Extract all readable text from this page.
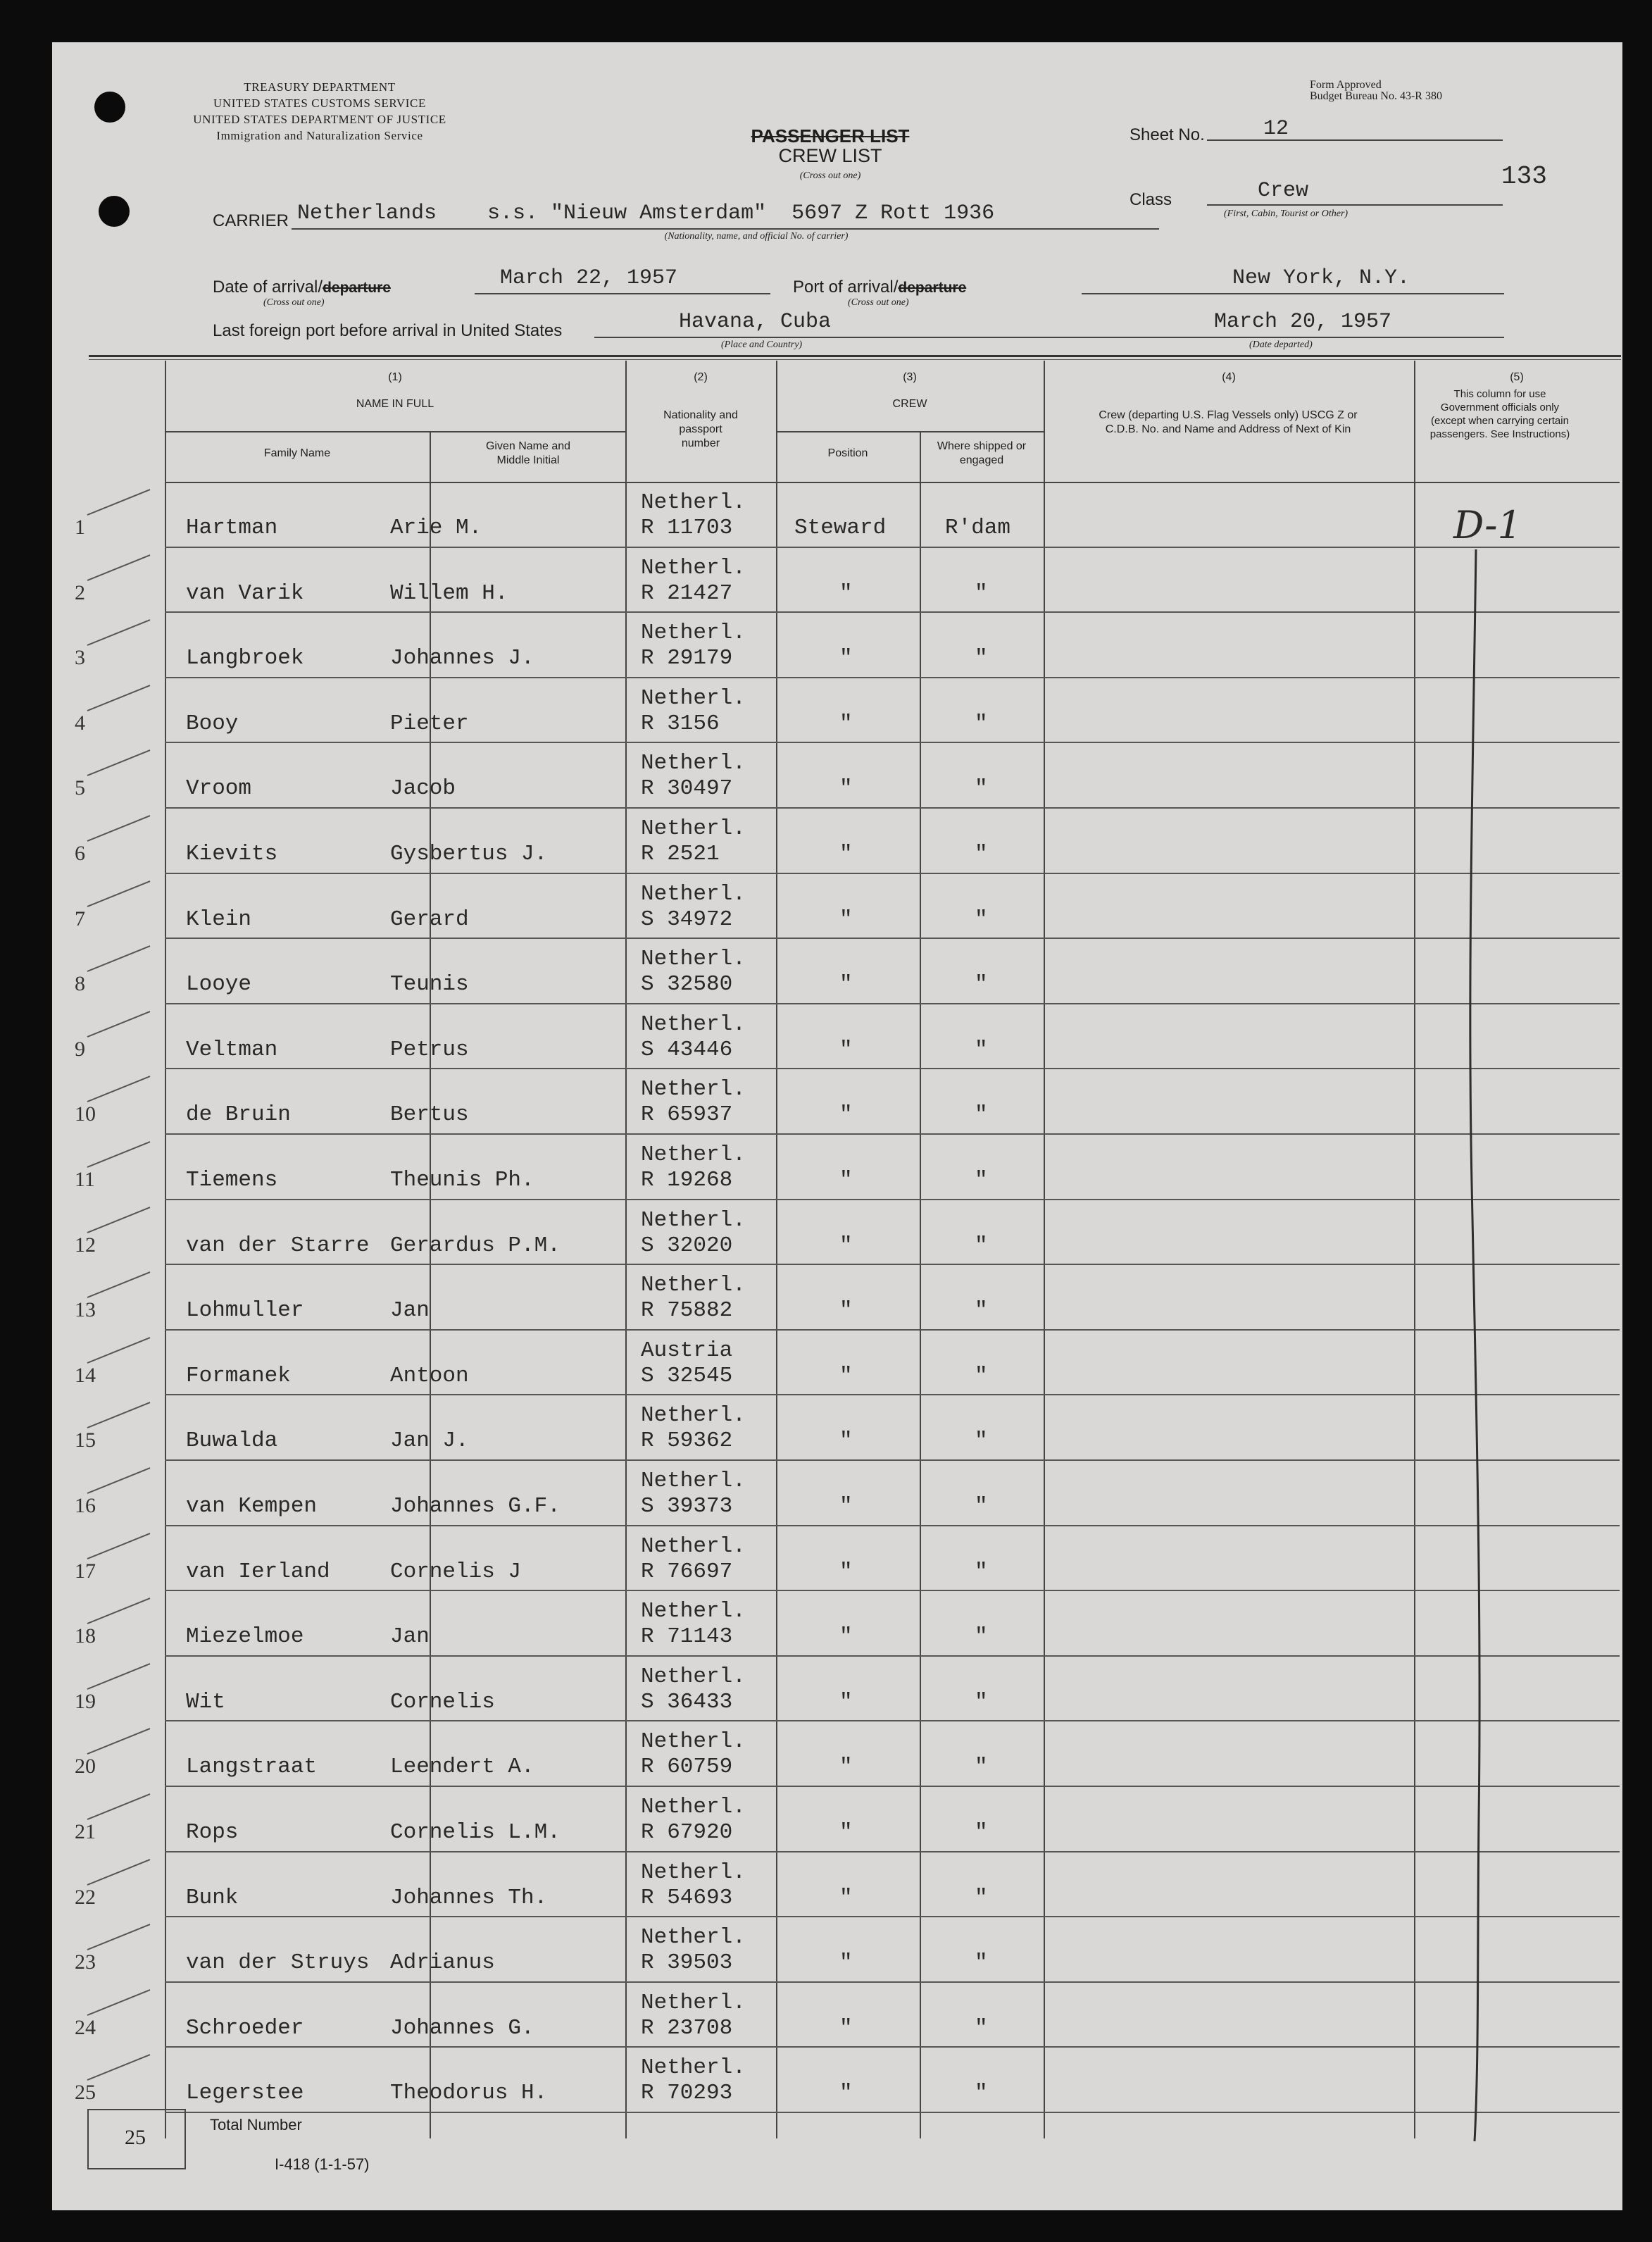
TREASURY DEPARTMENT
UNITED STATES CUSTOMS SERVICE
UNITED STATES DEPARTMENT OF JUSTICE
Immigration and Naturalization Service	PASSENGER LIST
CREW LIST
(Cross out one)
Form Approved
Budget Bureau No. 43-R 380
Sheet No.	12
133
Class	Crew
(First, Cabin, Tourist or Other)
CARRIER Netherlands    s.s. "Nieuw Amsterdam"  5697 Z Rott 1936
(Nationality, name, and official No. of carrier)
Date of arrival/departure
(Cross out one)
March 22, 1957	Port of arrival/departure
(Cross out one)
New York, N.Y.
Last foreign port before arrival in United States	Havana, Cuba
(Place and Country)
March 20, 1957
(Date departed)
(1)
NAME IN FULL
Family Name
Given Name and Middle Initial
(2)
Nationality and passport number
(3)
CREW
Position
Where shipped or engaged
(4)
Crew (departing U.S. Flag Vessels only) USCG Z or C.D.B. No. and Name and Address of Next of Kin
(5)
This column for use Government officials only (except when carrying certain passengers. See Instructions)
1	Hartman	Arie M.
Netherl.
R 11703	Steward	R'dam
2	van Varik	Willem H.
Netherl.
R 21427	"	"
3	Langbroek	Johannes J.
Netherl.
R 29179	"	"
4	Booy	Pieter
Netherl.
R 3156	"	"
5	Vroom	Jacob
Netherl.
R 30497	"	"
6	Kievits	Gysbertus J.
Netherl.
R 2521	"	"
7	Klein	Gerard
Netherl.
S 34972	"	"
8	Looye	Teunis
Netherl.
S 32580	"	"
9	Veltman	Petrus
Netherl.
S 43446	"	"
10	de Bruin	Bertus
Netherl.
R 65937	"	"
11	Tiemens	Theunis Ph.
Netherl.
R 19268	"	"
12	van der Starre Gerardus P.M.
Netherl.
S 32020	"	"
13	Lohmuller	Jan
Netherl.
R 75882	"	"
14	Formanek	Antoon
Austria
S 32545	"	"
15	Buwalda	Jan J.
Netherl.
R 59362	"	"
16	van Kempen	Johannes G.F.
Netherl.
S 39373	"	"
17	van Ierland	Cornelis J
Netherl.
R 76697	"	"
18	Miezelmoe	Jan
Netherl.
R 71143	"	"
19	Wit	Cornelis
Netherl.
S 36433	"	"
20	Langstraat	Leendert A.
Netherl.
R 60759	"	"
21	Rops	Cornelis L.M.
Netherl.
R 67920	"	"
22	Bunk	Johannes Th.
Netherl.
R 54693	"	"
23	van der Struys Adrianus
Netherl.
R 39503	"	"
24	Schroeder	Johannes G.
Netherl.
R 23708	"	"
25	Legerstee	Theodorus H.
Netherl.
R 70293	"	"
D-1
25
Total Number
I-418 (1-1-57)
